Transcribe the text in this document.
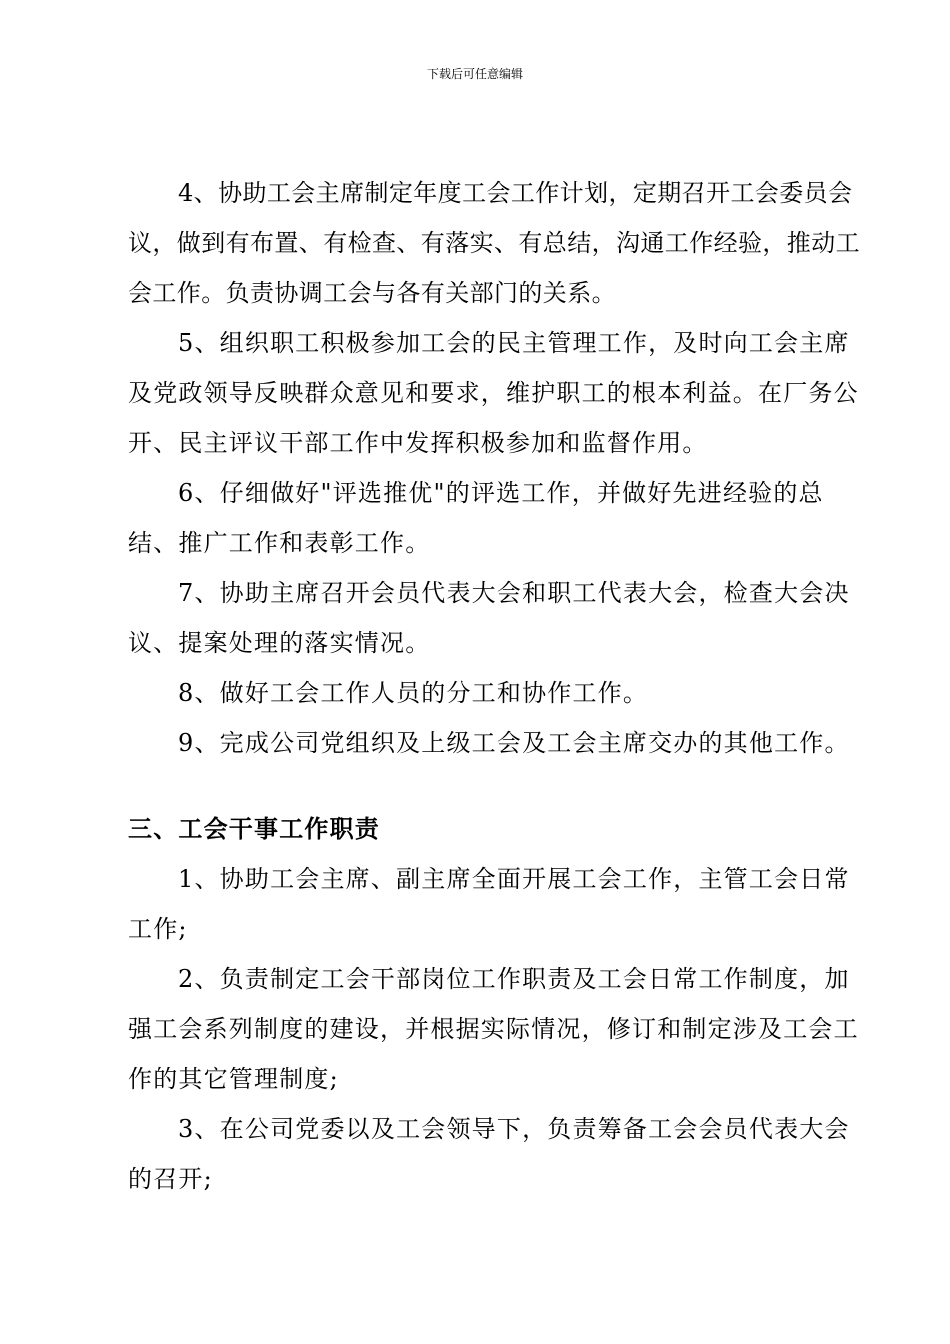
下载后可任意编辑

4、协助工会主席制定年度工会工作计划，定期召开工会委员会议，做到有布置、有检查、有落实、有总结，沟通工作经验，推动工会工作。负责协调工会与各有关部门的关系。

5、组织职工积极参加工会的民主管理工作，及时向工会主席及党政领导反映群众意见和要求，维护职工的根本利益。在厂务公开、民主评议干部工作中发挥积极参加和监督作用。

6、仔细做好"评选推优"的评选工作，并做好先进经验的总结、推广工作和表彰工作。

7、协助主席召开会员代表大会和职工代表大会，检查大会决议、提案处理的落实情况。

8、做好工会工作人员的分工和协作工作。

9、完成公司党组织及上级工会及工会主席交办的其他工作。

三、工会干事工作职责

1、协助工会主席、副主席全面开展工会工作，主管工会日常工作;

2、负责制定工会干部岗位工作职责及工会日常工作制度，加强工会系列制度的建设，并根据实际情况，修订和制定涉及工会工作的其它管理制度;

3、在公司党委以及工会领导下，负责筹备工会会员代表大会的召开;
